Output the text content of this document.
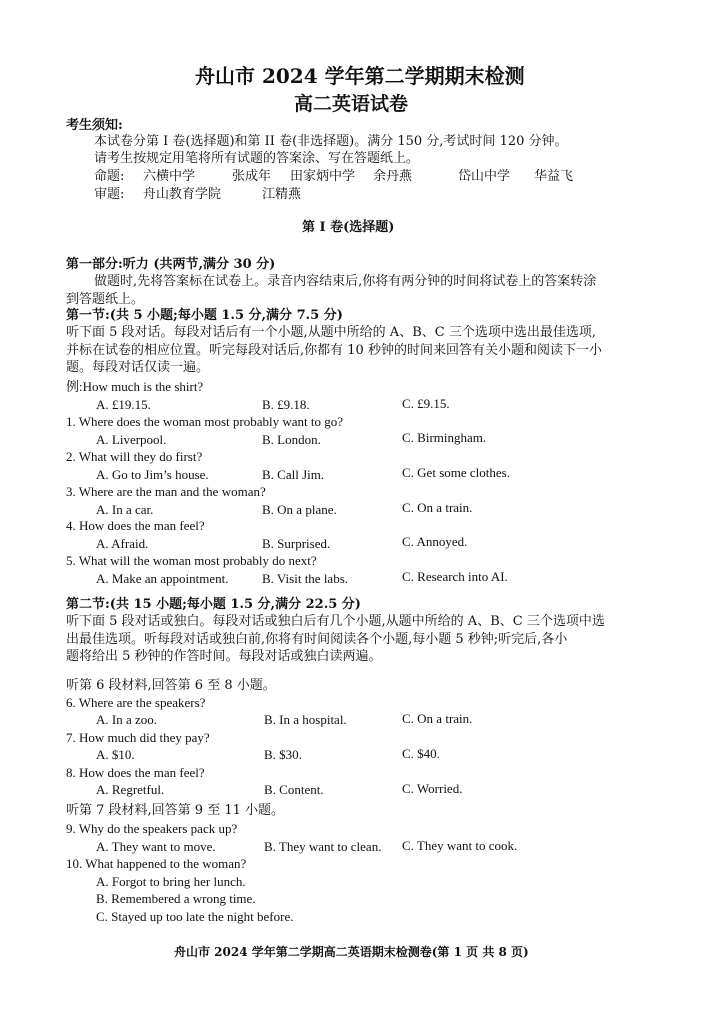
舟山市 2024 学年第二学期期末检测
高二英语试卷
考生须知:
本试卷分第 I 卷(选择题)和第 II 卷(非选择题)。满分 150 分,考试时间 120 分钟。
请考生按规定用笔将所有试题的答案涂、写在答题纸上。
命题: 六横中学	张成年 田家炳中学 余丹燕	岱山中学 华益飞
审题: 舟山教育学院	江精燕
第 I 卷(选择题)
第一部分:听力 (共两节,满分 30 分)
做题时,先将答案标在试卷上。录音内容结束后,你将有两分钟的时间将试卷上的答案转涂
到答题纸上。
第一节:(共 5 小题;每小题 1.5 分,满分 7.5 分)
听下面 5 段对话。每段对话后有一个小题,从题中所给的 A、B、C 三个选项中选出最佳选项,
并标在试卷的相应位置。听完每段对话后,你都有 10 秒钟的时间来回答有关小题和阅读下一小
题。每段对话仅读一遍。
例:How much is the shirt?
A. £19.15.	B. £9.18.	C. £9.15.
1. Where does the woman most probably want to go?
A. Liverpool.	B. London.	C. Birmingham.
2. What will they do first?
A. Go to Jim’s house.	B. Call Jim.	C. Get some clothes.
3. Where are the man and the woman?
A. In a car.	B. On a plane.	C. On a train.
4. How does the man feel?
A. Afraid.	B. Surprised.	C. Annoyed.
5. What will the woman most probably do next?
A. Make an appointment.	B. Visit the labs.	C. Research into AI.
第二节:(共 15 小题;每小题 1.5 分,满分 22.5 分)
听下面 5 段对话或独白。每段对话或独白后有几个小题,从题中所给的 A、B、C 三个选项中选
出最佳选项。听每段对话或独白前,你将有时间阅读各个小题,每小题 5 秒钟;听完后,各小
题将给出 5 秒钟的作答时间。每段对话或独白读两遍。
听第 6 段材料,回答第 6 至 8 小题。
6. Where are the speakers?
A. In a zoo.	B. In a hospital.	C. On a train.
7. How much did they pay?
A. $10.	B. $30.	C. $40.
8. How does the man feel?
A. Regretful.	B. Content.	C. Worried.
听第 7 段材料,回答第 9 至 11 小题。
9. Why do the speakers pack up?
A. They want to move.	B. They want to clean. C. They want to cook.
10. What happened to the woman?
A. Forgot to bring her lunch.
B. Remembered a wrong time.
C. Stayed up too late the night before.
舟山市 2024 学年第二学期高二英语期末检测卷(第 1 页 共 8 页)
